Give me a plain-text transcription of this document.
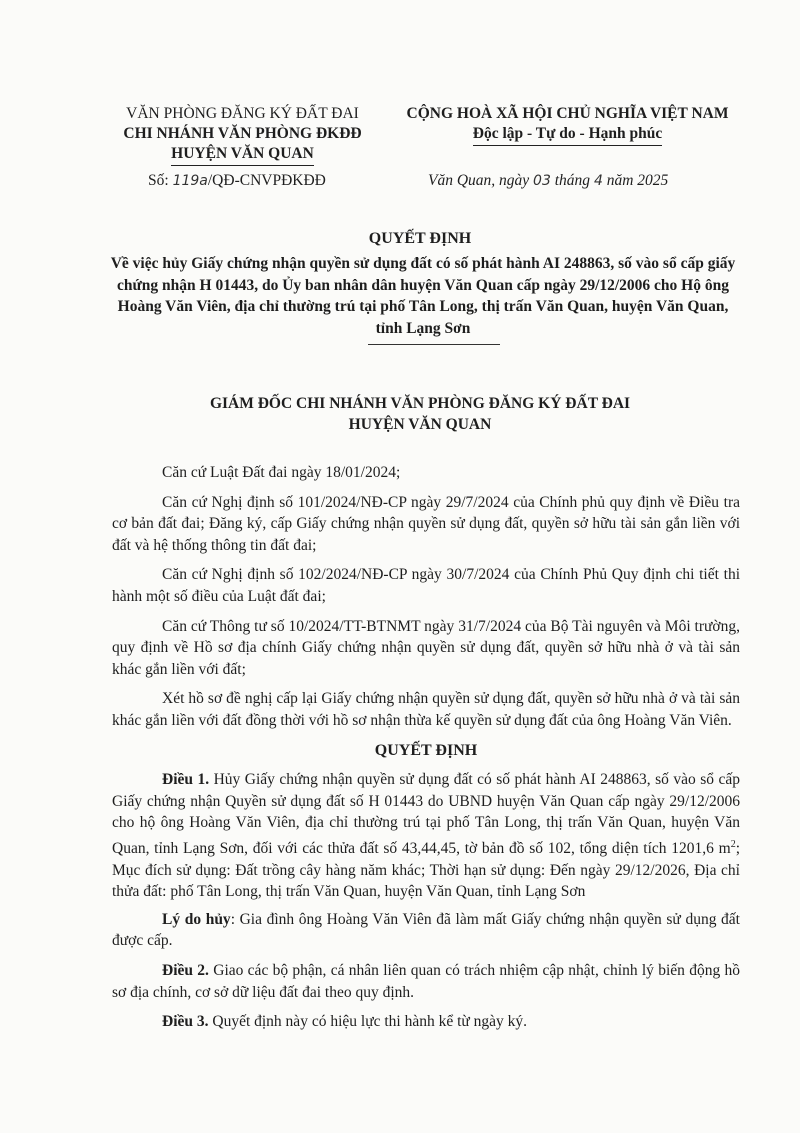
VĂN PHÒNG ĐĂNG KÝ ĐẤT ĐAI
CHI NHÁNH VĂN PHÒNG ĐKĐĐ
HUYỆN VĂN QUAN
CỘNG HOÀ XÃ HỘI CHỦ NGHĨA VIỆT NAM
Độc lập - Tự do - Hạnh phúc
Số: 119a/QĐ-CNVPĐKĐĐ	Văn Quan, ngày 03 tháng 4 năm 2025
QUYẾT ĐỊNH
Về việc hủy Giấy chứng nhận quyền sử dụng đất có số phát hành AI 248863, số vào sổ cấp giấy chứng nhận H 01443, do Ủy ban nhân dân huyện Văn Quan cấp ngày 29/12/2006 cho Hộ ông Hoàng Văn Viên, địa chỉ thường trú tại phố Tân Long, thị trấn Văn Quan, huyện Văn Quan, tỉnh Lạng Sơn
GIÁM ĐỐC CHI NHÁNH VĂN PHÒNG ĐĂNG KÝ ĐẤT ĐAI
HUYỆN VĂN QUAN

Căn cứ Luật Đất đai ngày 18/01/2024;

Căn cứ Nghị định số 101/2024/NĐ-CP ngày 29/7/2024 của Chính phủ quy định về Điều tra cơ bản đất đai; Đăng ký, cấp Giấy chứng nhận quyền sử dụng đất, quyền sở hữu tài sản gắn liền với đất và hệ thống thông tin đất đai;

Căn cứ Nghị định số 102/2024/NĐ-CP ngày 30/7/2024 của Chính Phủ Quy định chi tiết thi hành một số điều của Luật đất đai;

Căn cứ Thông tư số 10/2024/TT-BTNMT ngày 31/7/2024 của Bộ Tài nguyên và Môi trường, quy định về Hồ sơ địa chính Giấy chứng nhận quyền sử dụng đất, quyền sở hữu nhà ở và tài sản khác gắn liền với đất;

Xét hồ sơ đề nghị cấp lại Giấy chứng nhận quyền sử dụng đất, quyền sở hữu nhà ở và tài sản khác gắn liền với đất đồng thời với hồ sơ nhận thừa kế quyền sử dụng đất của ông Hoàng Văn Viên.

QUYẾT ĐỊNH

Điều 1. Hủy Giấy chứng nhận quyền sử dụng đất có số phát hành AI 248863, số vào sổ cấp Giấy chứng nhận Quyền sử dụng đất số H 01443 do UBND huyện Văn Quan cấp ngày 29/12/2006 cho hộ ông Hoàng Văn Viên, địa chỉ thường trú tại phố Tân Long, thị trấn Văn Quan, huyện Văn Quan, tỉnh Lạng Sơn, đối với các thửa đất số 43,44,45, tờ bản đồ số 102, tổng diện tích 1201,6 $m^2$; Mục đích sử dụng: Đất trồng cây hàng năm khác; Thời hạn sử dụng: Đến ngày 29/12/2026, Địa chỉ thửa đất: phố Tân Long, thị trấn Văn Quan, huyện Văn Quan, tỉnh Lạng Sơn

Lý do hủy: Gia đình ông Hoàng Văn Viên đã làm mất Giấy chứng nhận quyền sử dụng đất được cấp.

Điều 2. Giao các bộ phận, cá nhân liên quan có trách nhiệm cập nhật, chỉnh lý biến động hồ sơ địa chính, cơ sở dữ liệu đất đai theo quy định.

Điều 3. Quyết định này có hiệu lực thi hành kể từ ngày ký.
